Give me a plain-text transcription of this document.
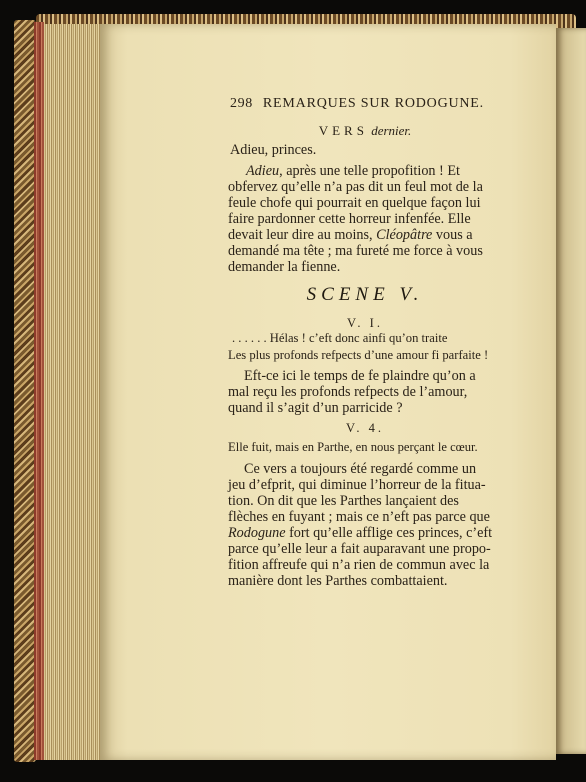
298 REMARQUES SUR RODOGUNE.
VERS dernier.
Adieu, princes.
Adieu, après une telle propofition ! Et
obfervez qu’elle n’a pas dit un feul mot de la
feule chofe qui pourrait en quelque façon lui
faire pardonner cette horreur infenfée. Elle
devait leur dire au moins, Cléopâtre vous a
demandé ma tête ; ma fureté me force à vous
demander la fienne.
SCENE V.
V. I.
. . . . . . Hélas ! c’eft donc ainfi qu’on traite
Les plus profonds refpects d’une amour fi parfaite !
Eft-ce ici le temps de fe plaindre qu’on a
mal reçu les profonds refpects de l’amour,
quand il s’agit d’un parricide ?
V. 4.
Elle fuit, mais en Parthe, en nous perçant le cœur.
Ce vers a toujours été regardé comme un
jeu d’efprit, qui diminue l’horreur de la fitua-
tion. On dit que les Parthes lançaient des
flèches en fuyant ; mais ce n’eft pas parce que
Rodogune fort qu’elle afflige ces princes, c’eft
parce qu’elle leur a fait auparavant une propo-
fition affreufe qui n’a rien de commun avec la
manière dont les Parthes combattaient.
